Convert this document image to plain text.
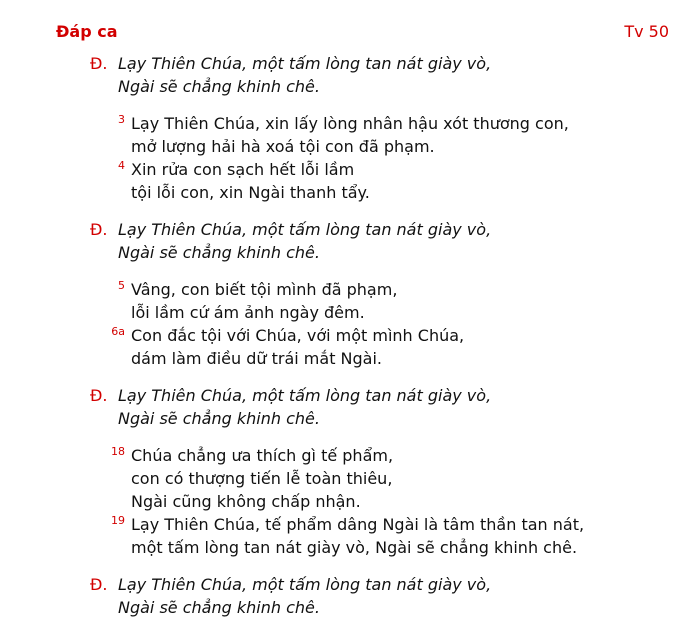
Đáp ca	Tv 50
Đ. Lạy Thiên Chúa, một tấm lòng tan nát giày vò,
Ngài sẽ chẳng khinh chê.
3 Lạy Thiên Chúa, xin lấy lòng nhân hậu xót thương con,
mở lượng hải hà xoá tội con đã phạm.
4 Xin rửa con sạch hết lỗi lầm
tội lỗi con, xin Ngài thanh tẩy.
Đ. Lạy Thiên Chúa, một tấm lòng tan nát giày vò,
Ngài sẽ chẳng khinh chê.
5 Vâng, con biết tội mình đã phạm,
lỗi lầm cứ ám ảnh ngày đêm.
6a Con đắc tội với Chúa, với một mình Chúa,
dám làm điều dữ trái mắt Ngài.
Đ. Lạy Thiên Chúa, một tấm lòng tan nát giày vò,
Ngài sẽ chẳng khinh chê.
18 Chúa chẳng ưa thích gì tế phẩm,
con có thượng tiến lễ toàn thiêu,
Ngài cũng không chấp nhận.
19 Lạy Thiên Chúa, tế phẩm dâng Ngài là tâm thần tan nát,
một tấm lòng tan nát giày vò, Ngài sẽ chẳng khinh chê.
Đ. Lạy Thiên Chúa, một tấm lòng tan nát giày vò,
Ngài sẽ chẳng khinh chê.
